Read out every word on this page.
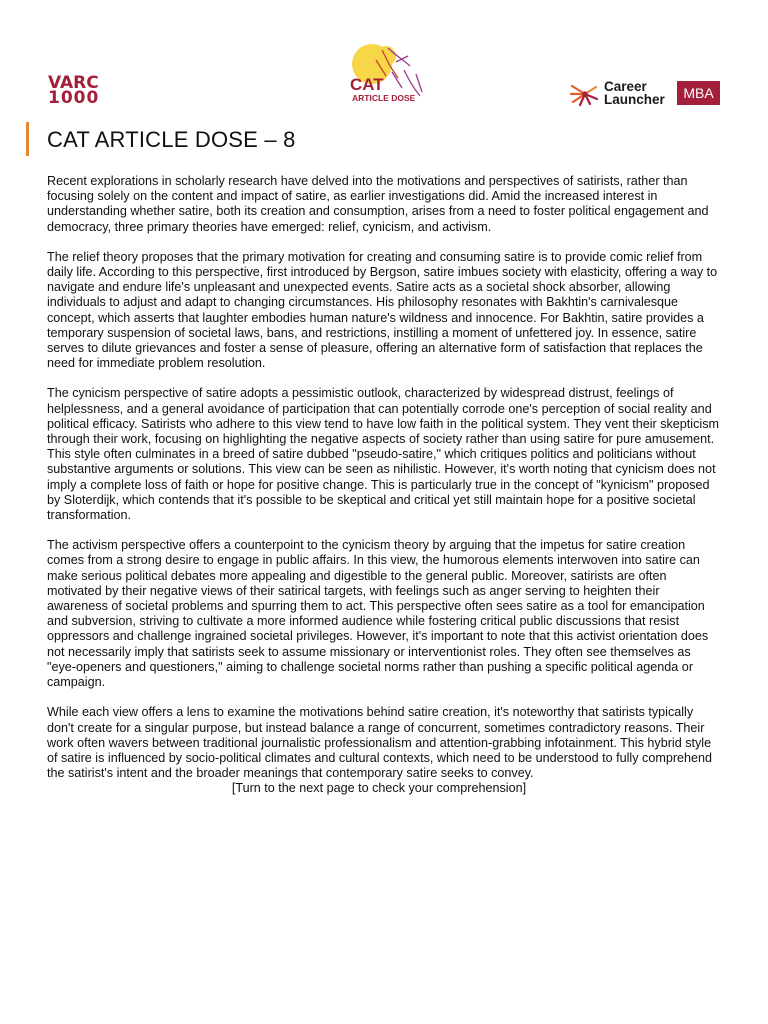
VARC
1000
CAT
ARTICLE DOSE
Career
Launcher	MBA
CAT ARTICLE DOSE – 8

Recent explorations in scholarly research have delved into the motivations and perspectives of satirists, rather than focusing solely on the content and impact of satire, as earlier investigations did. Amid the increased interest in understanding whether satire, both its creation and consumption, arises from a need to foster political engagement and democracy, three primary theories have emerged: relief, cynicism, and activism.

The relief theory proposes that the primary motivation for creating and consuming satire is to provide comic relief from daily life. According to this perspective, first introduced by Bergson, satire imbues society with elasticity, offering a way to navigate and endure life's unpleasant and unexpected events. Satire acts as a societal shock absorber, allowing individuals to adjust and adapt to changing circumstances. His philosophy resonates with Bakhtin's carnivalesque concept, which asserts that laughter embodies human nature's wildness and innocence. For Bakhtin, satire provides a temporary suspension of societal laws, bans, and restrictions, instilling a moment of unfettered joy. In essence, satire serves to dilute grievances and foster a sense of pleasure, offering an alternative form of satisfaction that replaces the need for immediate problem resolution.

The cynicism perspective of satire adopts a pessimistic outlook, characterized by widespread distrust, feelings of helplessness, and a general avoidance of participation that can potentially corrode one's perception of social reality and political efficacy. Satirists who adhere to this view tend to have low faith in the political system. They vent their skepticism through their work, focusing on highlighting the negative aspects of society rather than using satire for pure amusement. This style often culminates in a breed of satire dubbed "pseudo-satire," which critiques politics and politicians without substantive arguments or solutions. This view can be seen as nihilistic. However, it's worth noting that cynicism does not imply a complete loss of faith or hope for positive change. This is particularly true in the concept of "kynicism" proposed by Sloterdijk, which contends that it's possible to be skeptical and critical yet still maintain hope for a positive societal transformation.

The activism perspective offers a counterpoint to the cynicism theory by arguing that the impetus for satire creation comes from a strong desire to engage in public affairs. In this view, the humorous elements interwoven into satire can make serious political debates more appealing and digestible to the general public. Moreover, satirists are often motivated by their negative views of their satirical targets, with feelings such as anger serving to heighten their awareness of societal problems and spurring them to act. This perspective often sees satire as a tool for emancipation and subversion, striving to cultivate a more informed audience while fostering critical public discussions that resist oppressors and challenge ingrained societal privileges. However, it's important to note that this activist orientation does not necessarily imply that satirists seek to assume missionary or interventionist roles. They often see themselves as "eye-openers and questioners," aiming to challenge societal norms rather than pushing a specific political agenda or campaign.

While each view offers a lens to examine the motivations behind satire creation, it's noteworthy that satirists typically don't create for a singular purpose, but instead balance a range of concurrent, sometimes contradictory reasons. Their work often wavers between traditional journalistic professionalism and attention-grabbing infotainment. This hybrid style of satire is influenced by socio-political climates and cultural contexts, which need to be understood to fully comprehend the satirist's intent and the broader meanings that contemporary satire seeks to convey.

[Turn to the next page to check your comprehension]
